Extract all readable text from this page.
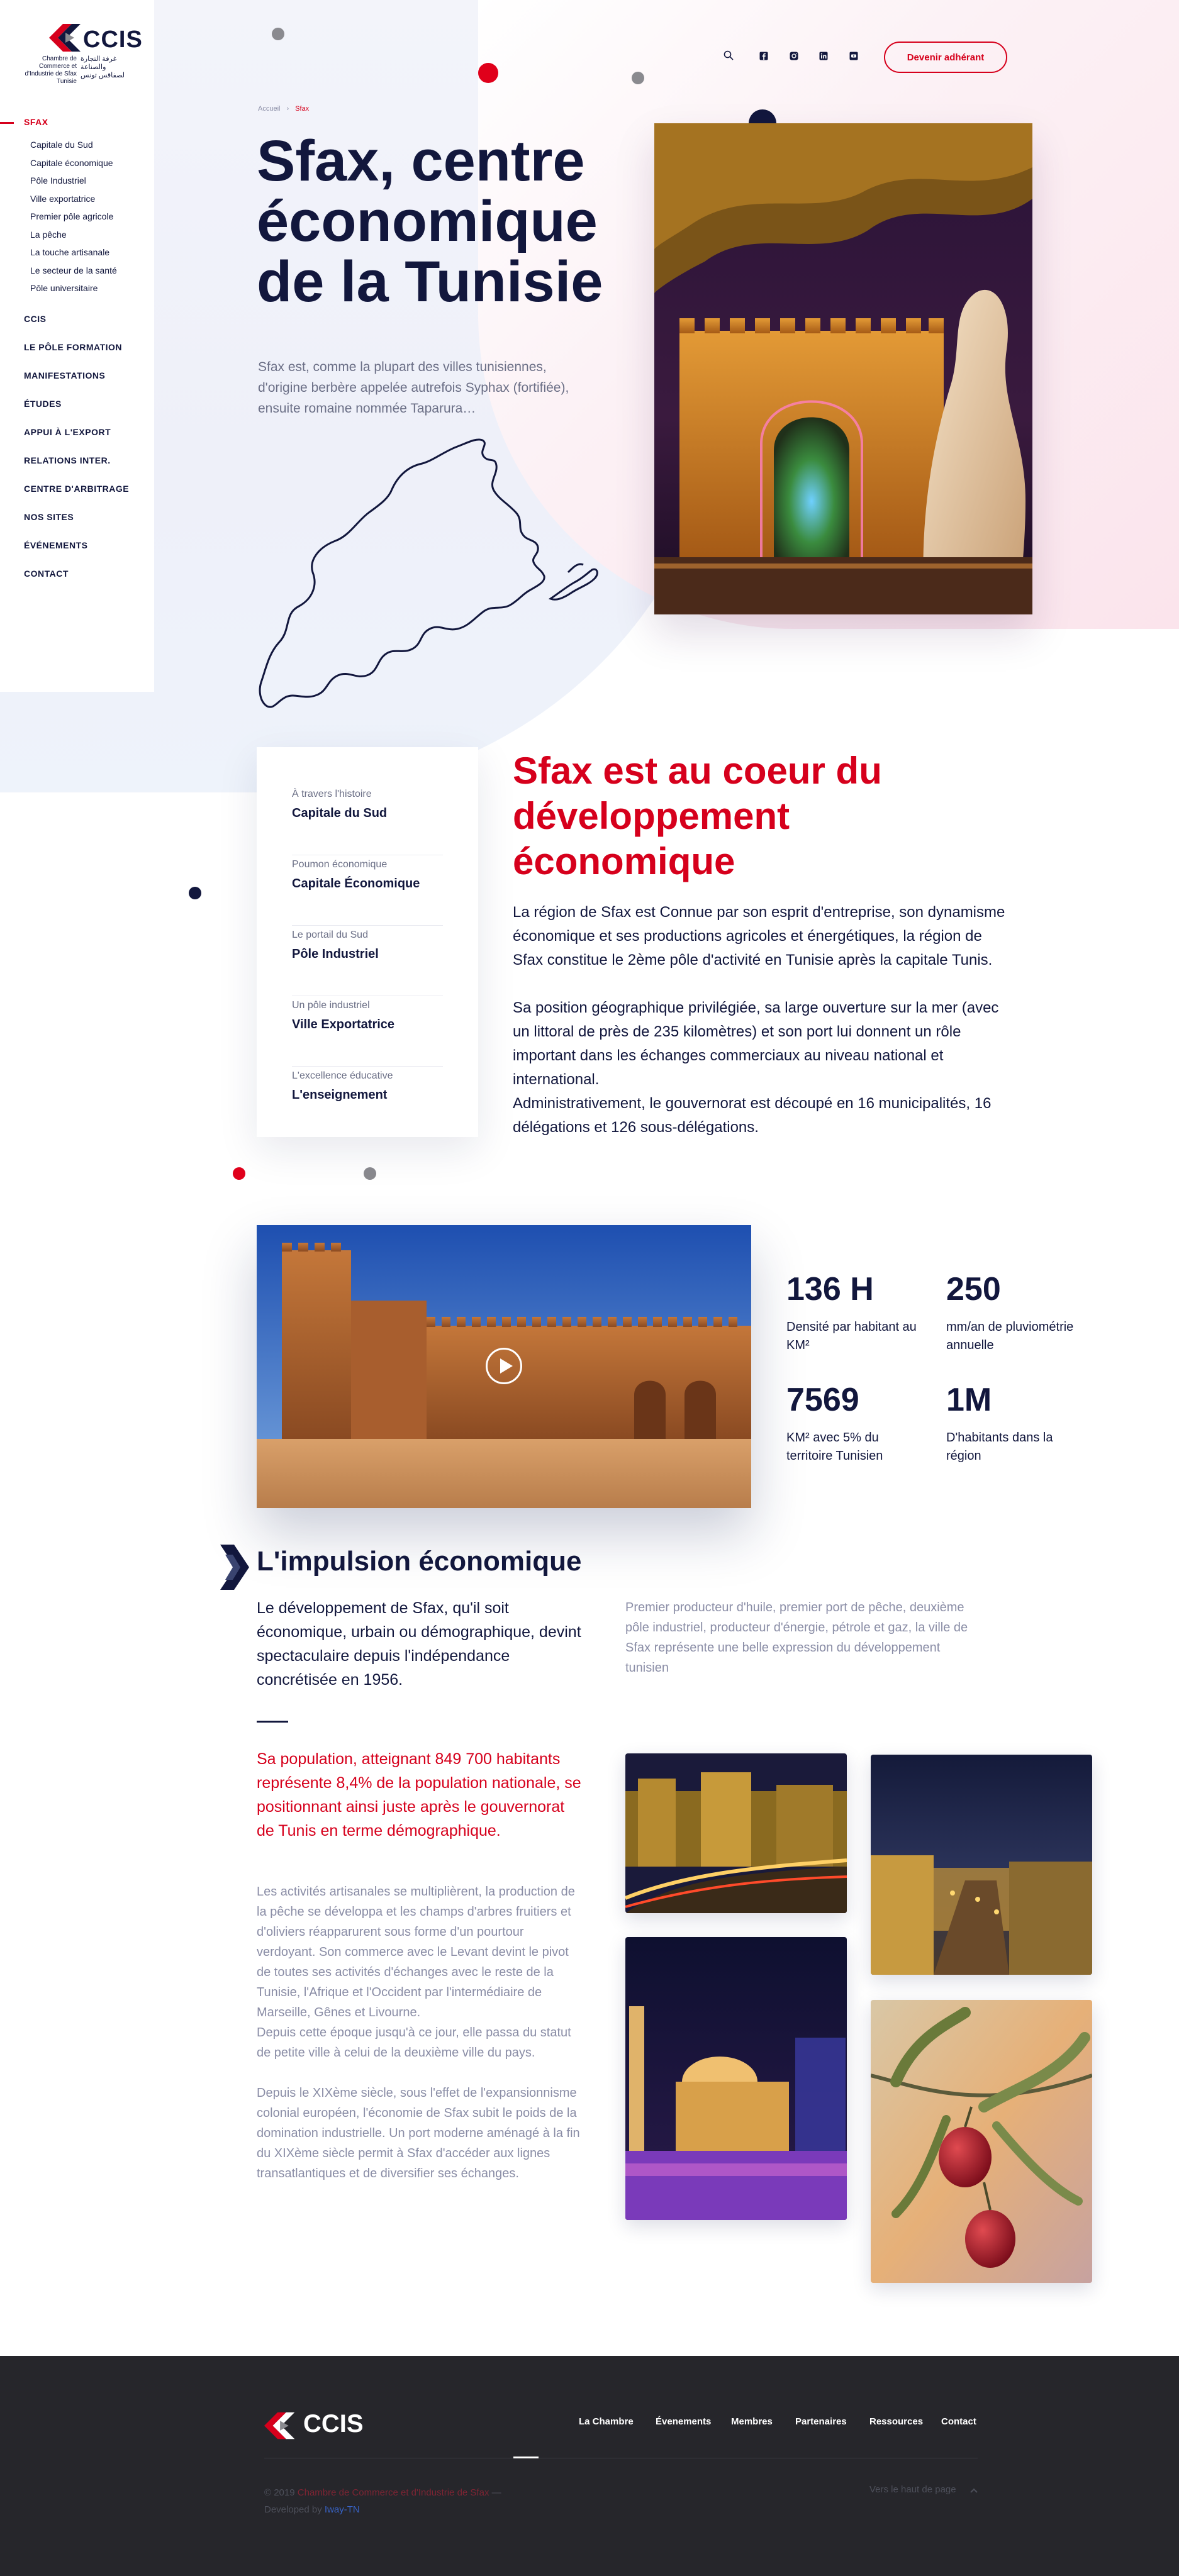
CCIS
Chambre de Commerce et d'Industrie de Sfax Tunisie
غرفة التجارة والصناعة لصفاقس تونس
SFAX
Capitale du Sud
Capitale économique
Pôle Industriel
Ville exportatrice
Premier pôle agricole
La pêche
La touche artisanale
Le secteur de la santé
Pôle universitaire
CCIS
LE PÔLE FORMATION
MANIFESTATIONS
ÉTUDES
APPUI À L'EXPORT
RELATIONS INTER.
CENTRE D'ARBITRAGE
NOS SITES
ÉVÉNEMENTS
CONTACT
Devenir adhérant
Accueil › Sfax
Sfax, centre économique de la Tunisie

Sfax est, comme la plupart des villes tunisiennes, d'origine berbère appelée autrefois Syphax (fortifiée), ensuite romaine nommée Taparura…

À travers l'histoire
Capitale du Sud
Poumon économique
Capitale Économique
Le portail du Sud
Pôle Industriel
Un pôle industriel
Ville Exportatrice
L'excellence éducative
L'enseignement
Sfax est au coeur du développement économique

La région de Sfax est Connue par son esprit d'entreprise, son dynamisme économique et ses productions agricoles et énergétiques, la région de Sfax constitue le 2ème pôle d'activité en Tunisie après la capitale Tunis.

Sa position géographique privilégiée, sa large ouverture sur la mer (avec un littoral de près de 235 kilomètres) et son port lui donnent un rôle important dans les échanges commerciaux au niveau national et international.

Administrativement, le gouvernorat est découpé en 16 municipalités, 16 délégations et 126 sous-délégations.

136 H
Densité par habitant au KM²
250
mm/an de pluviométrie annuelle
7569
KM² avec 5% du territoire Tunisien
1M
D'habitants dans la région
L'impulsion économique

Le développement de Sfax, qu'il soit économique, urbain ou démographique, devint spectaculaire depuis l'indépendance concrétisée en 1956.

Premier producteur d'huile, premier port de pêche, deuxième pôle industriel, producteur d'énergie, pétrole et gaz, la ville de Sfax représente une belle expression du développement tunisien

Sa population, atteignant 849 700 habitants représente 8,4% de la population nationale, se positionnant ainsi juste après le gouvernorat de Tunis en terme démographique.

Les activités artisanales se multiplièrent, la production de la pêche se développa et les champs d'arbres fruitiers et d'oliviers réapparurent sous forme d'un pourtour verdoyant. Son commerce avec le Levant devint le pivot de toutes ses activités d'échanges avec le reste de la Tunisie, l'Afrique et l'Occident par l'intermédiaire de Marseille, Gênes et Livourne.

Depuis cette époque jusqu'à ce jour, elle passa du statut de petite ville à celui de la deuxième ville du pays.

Depuis le XIXème siècle, sous l'effet de l'expansionnisme colonial européen, l'économie de Sfax subit le poids de la domination industrielle. Un port moderne aménagé à la fin du XIXème siècle permit à Sfax d'accéder aux lignes transatlantiques et de diversifier ses échanges.

CCIS	La Chambre Évenements Membres Partenaires Ressources Contact
© 2019 Chambre de Commerce et d'Industrie de Sfax —
Developed by Iway-TN
Vers le haut de page
